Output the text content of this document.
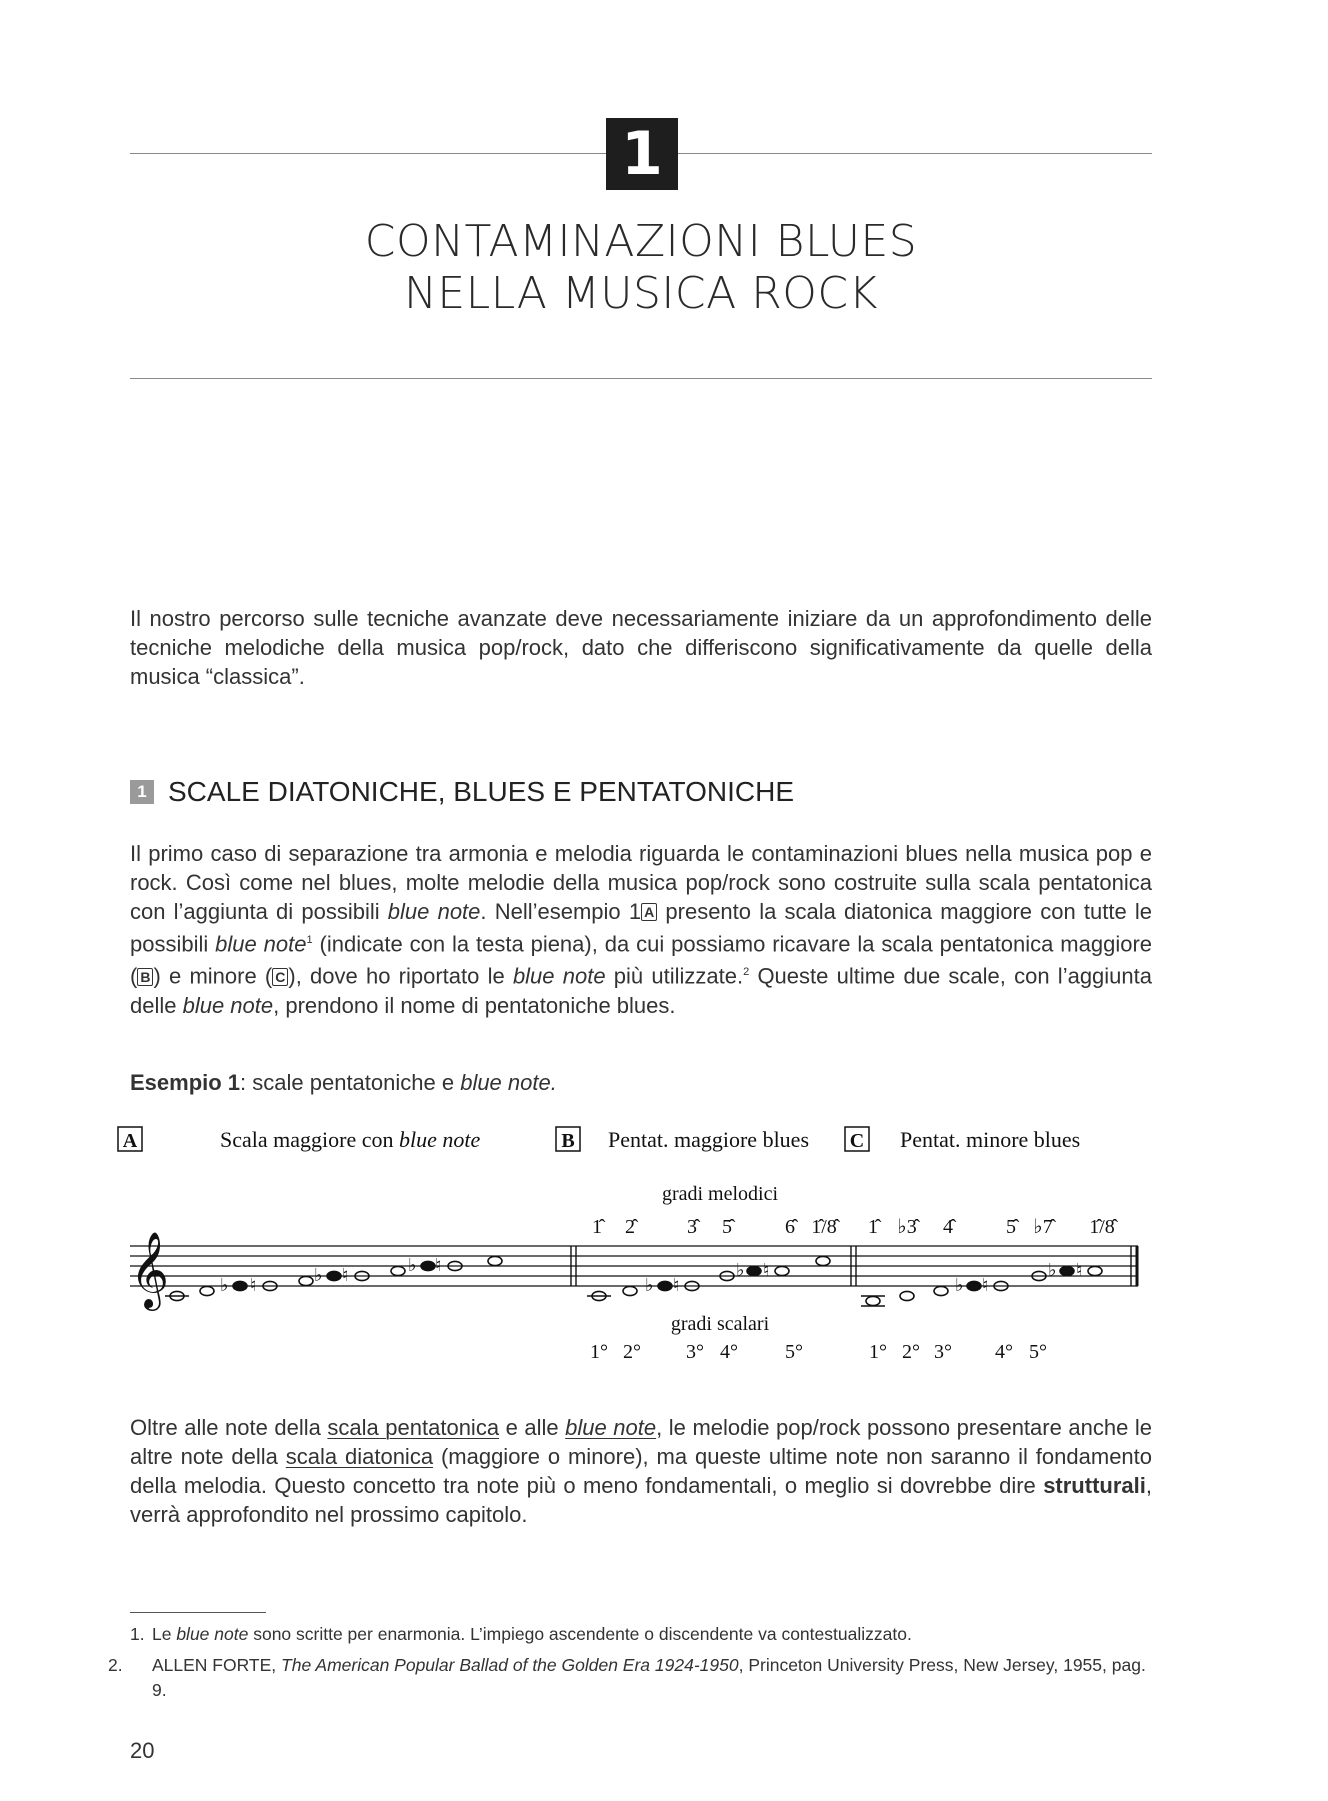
1
CONTAMINAZIONI BLUES
NELLA MUSICA ROCK

Il nostro percorso sulle tecniche avanzate deve necessariamente iniziare da un approfondimento delle tecniche melodiche della musica pop/rock, dato che differiscono significativamente da quelle della musica “classica”.

1 SCALE DIATONICHE, BLUES E PENTATONICHE

Il primo caso di separazione tra armonia e melodia riguarda le contaminazioni blues nella musica pop e rock. Così come nel blues, molte melodie della musica pop/rock sono costruite sulla scala pentatonica con l’aggiunta di possibili blue note. Nell’esempio 1 A presento la scala diatonica maggiore con tutte le possibili blue note$^1$ (indicate con la testa piena), da cui possiamo ricavare la scala pentatonica maggiore ( B ) e minore ( C ), dove ho riportato le blue note più utilizzate.$^2$ Queste ultime due scale, con l’aggiunta delle blue note, prendono il nome di pentatoniche blues.

Esempio 1: scale pentatoniche e blue note.

A	Scala maggiore con blue note	B Pentat. maggiore blues C Pentat. minore blues
gradi melodici
1̂ 2̂	3̂ 5̂	6̂ 1̂/8̂ 1̂ ♭3̂ 4̂	5̂ ♭7̂ 1̂/8̂
𝄞	♭ ♮	♭ ♮	♭ ♮
♭ ♮
♭ ♮
♭ ♮
♭ ♮
gradi scalari
1° 2° 3° 4° 5°	1° 2° 3° 4° 5°

Oltre alle note della scala pentatonica e alle blue note, le melodie pop/rock possono presentare anche le altre note della scala diatonica (maggiore o minore), ma queste ultime note non saranno il fondamento della melodia. Questo concetto tra note più o meno fondamentali, o meglio si dovrebbe dire strutturali, verrà approfondito nel prossimo capitolo.

1. Le blue note sono scritte per enarmonia. L’impiego ascendente o discendente va contestualizzato.

2. ALLEN FORTE, The American Popular Ballad of the Golden Era 1924-1950, Princeton University Press, New Jersey, 1955, pag. 9.

20
